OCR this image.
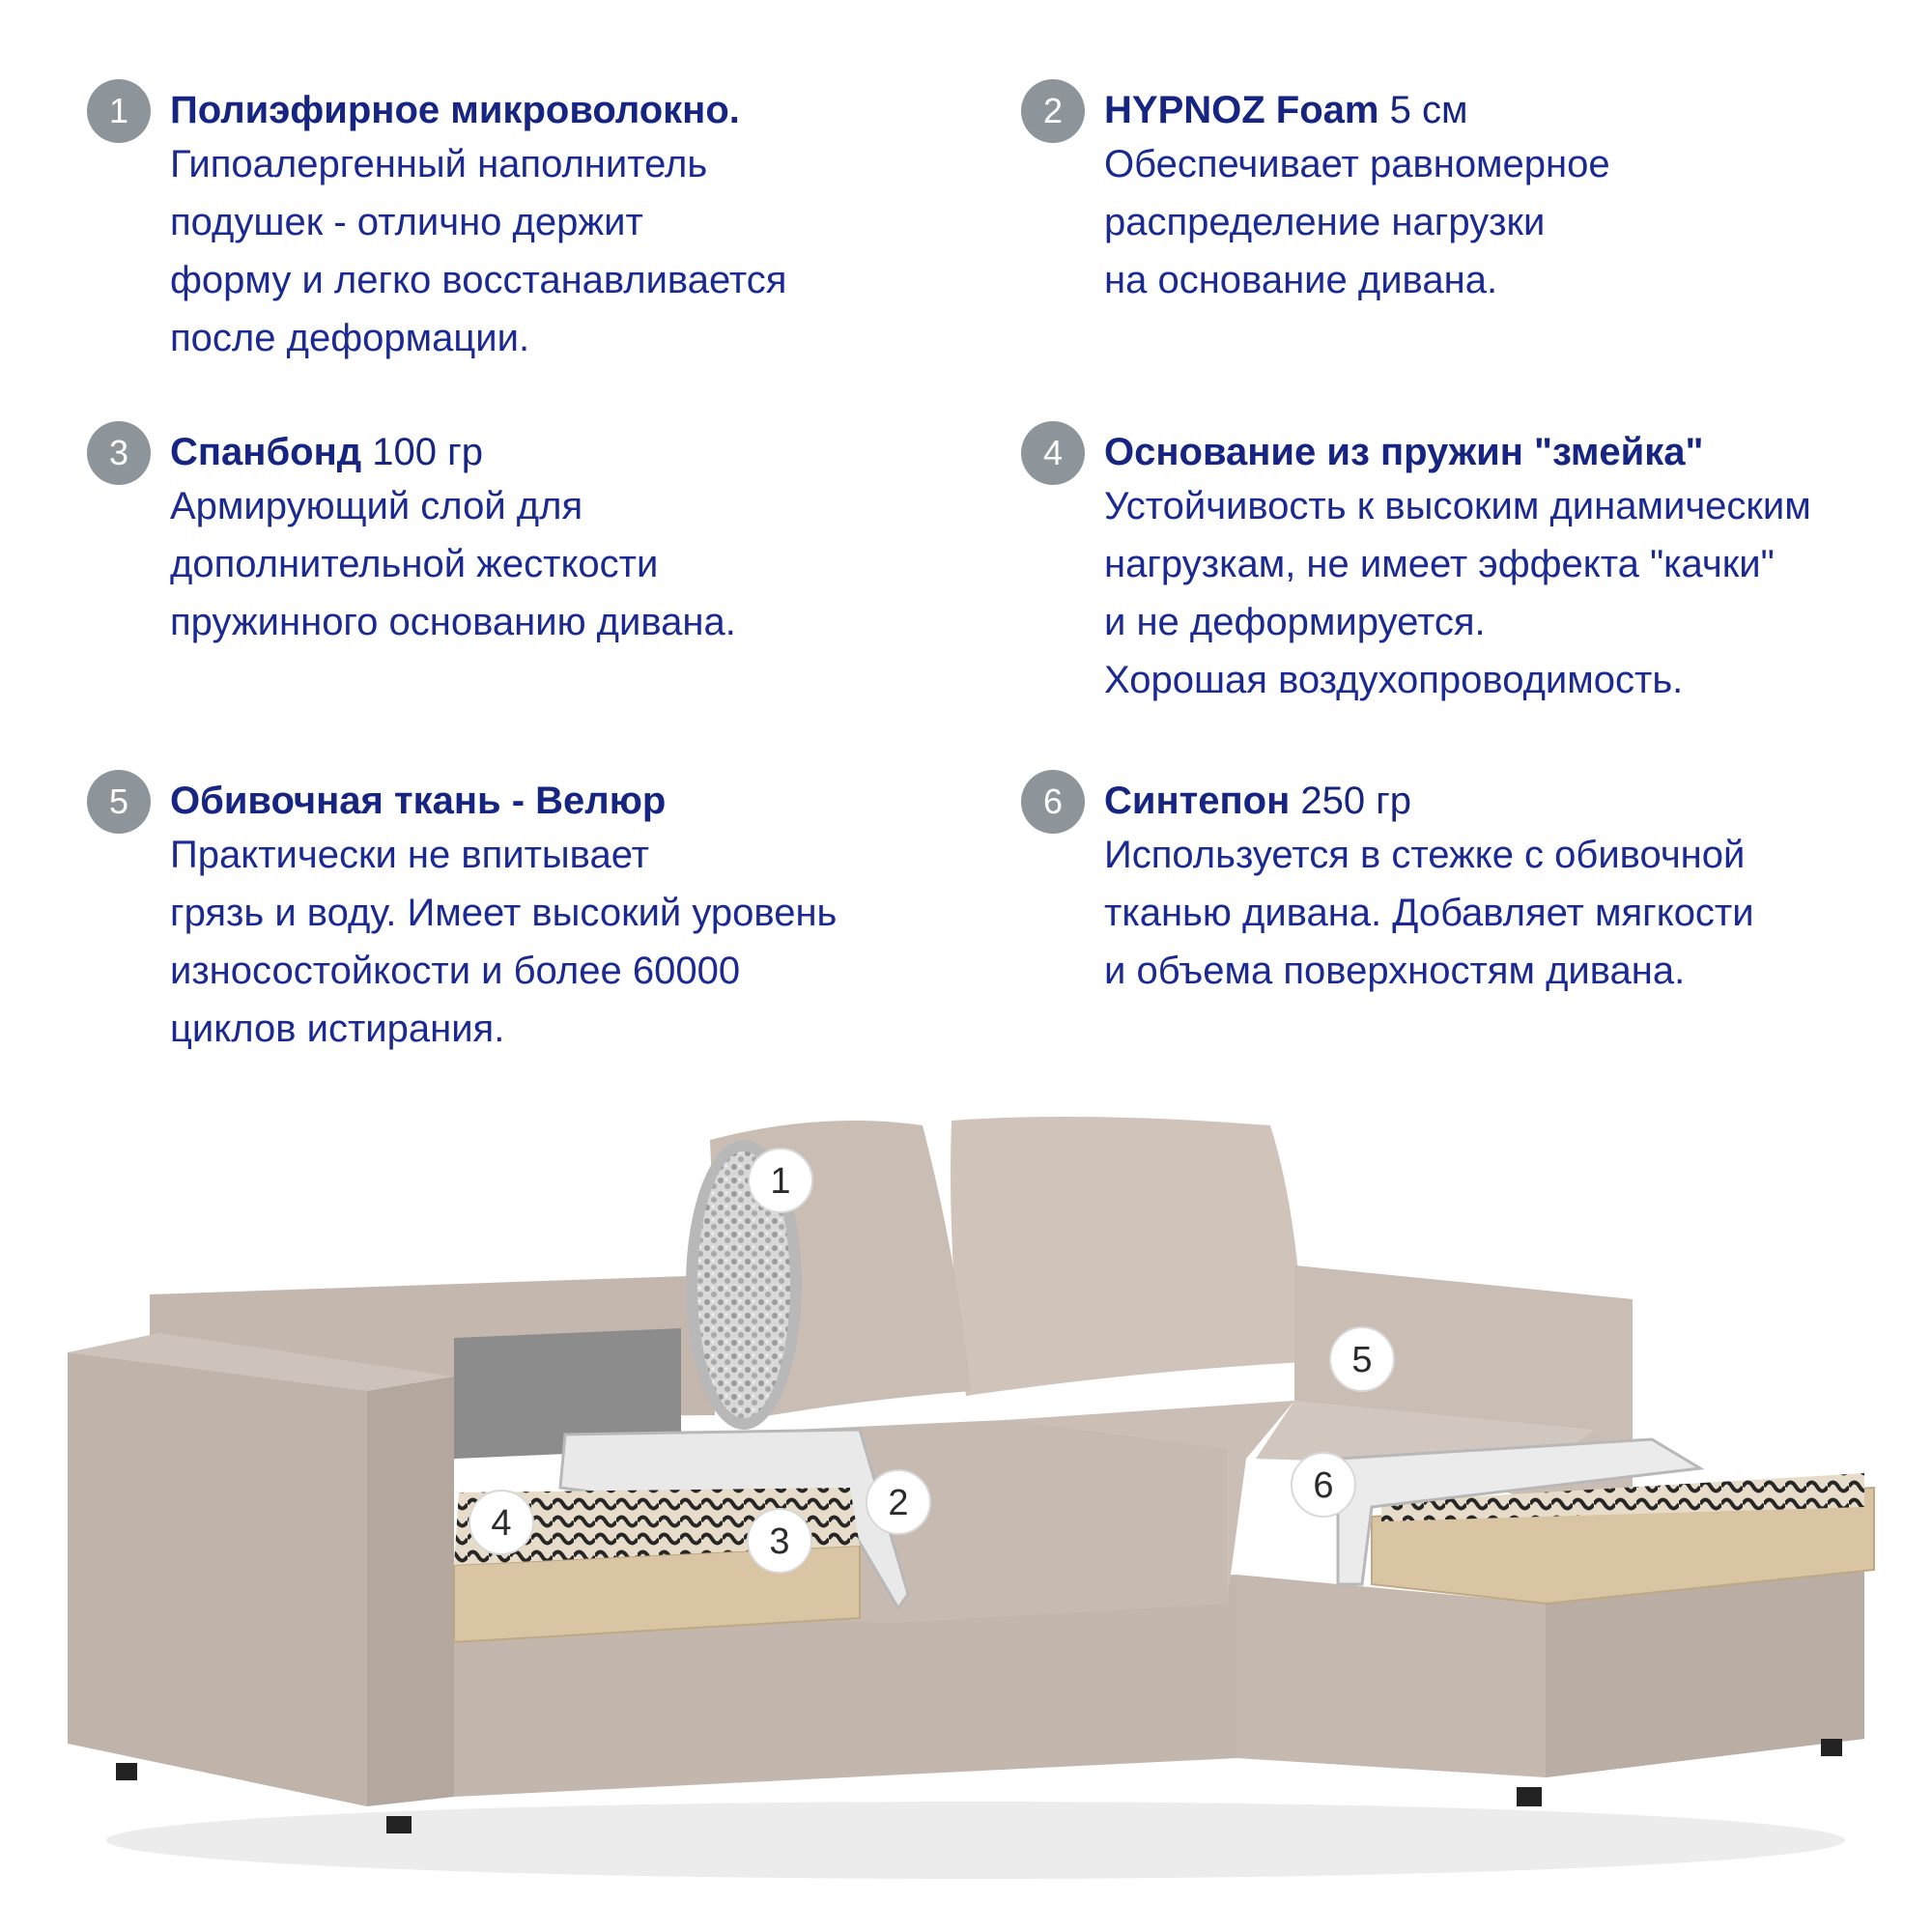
1	Полиэфирное микроволокно.
Гипоалергенный наполнитель
подушек - отлично держит
форму и легко восстанавливается
после деформации.
2	HYPNOZ Foam 5 см
Обеспечивает равномерное
распределение нагрузки
на основание дивана.
3	Спанбонд 100 гр
Армирующий слой для
дополнительной жесткости
пружинного основанию дивана.
4	Основание из пружин "змейка"
Устойчивость к высоким динамическим
нагрузкам, не имеет эффекта "качки"
и не деформируется.
Хорошая воздухопроводимость.
5	Обивочная ткань - Велюр
Практически не впитывает
грязь и воду. Имеет высокий уровень
износостойкости и более 60000
циклов истирания.
6	Синтепон 250 гр
Используется в стежке с обивочной
тканью дивана. Добавляет мягкости
и объема поверхностям дивана.
1
2
3
4
5
6
